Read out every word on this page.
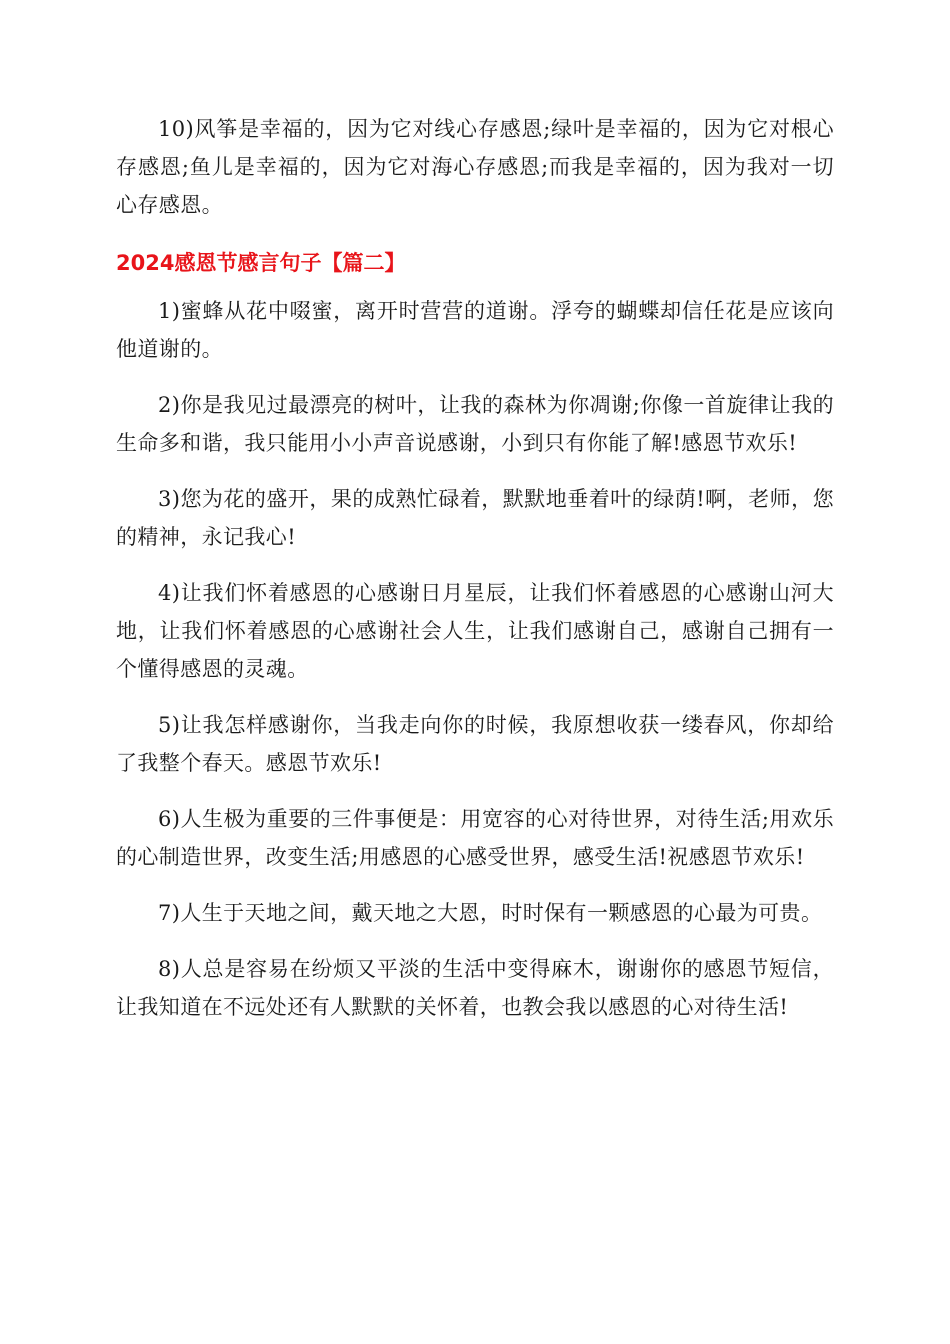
10)风筝是幸福的，因为它对线心存感恩;绿叶是幸福的，因为它对根心存感恩;鱼儿是幸福的，因为它对海心存感恩;而我是幸福的，因为我对一切心存感恩。

2024感恩节感言句子【篇二】

1)蜜蜂从花中啜蜜，离开时营营的道谢。浮夸的蝴蝶却信任花是应该向他道谢的。

2)你是我见过最漂亮的树叶，让我的森林为你凋谢;你像一首旋律让我的生命多和谐，我只能用小小声音说感谢，小到只有你能了解!感恩节欢乐!

3)您为花的盛开，果的成熟忙碌着，默默地垂着叶的绿荫!啊，老师，您的精神，永记我心!

4)让我们怀着感恩的心感谢日月星辰，让我们怀着感恩的心感谢山河大地，让我们怀着感恩的心感谢社会人生，让我们感谢自己，感谢自己拥有一个懂得感恩的灵魂。

5)让我怎样感谢你，当我走向你的时候，我原想收获一缕春风，你却给了我整个春天。感恩节欢乐!

6)人生极为重要的三件事便是：用宽容的心对待世界，对待生活;用欢乐的心制造世界，改变生活;用感恩的心感受世界，感受生活!祝感恩节欢乐!

7)人生于天地之间，戴天地之大恩，时时保有一颗感恩的心最为可贵。

8)人总是容易在纷烦又平淡的生活中变得麻木，谢谢你的感恩节短信，让我知道在不远处还有人默默的关怀着，也教会我以感恩的心对待生活!
